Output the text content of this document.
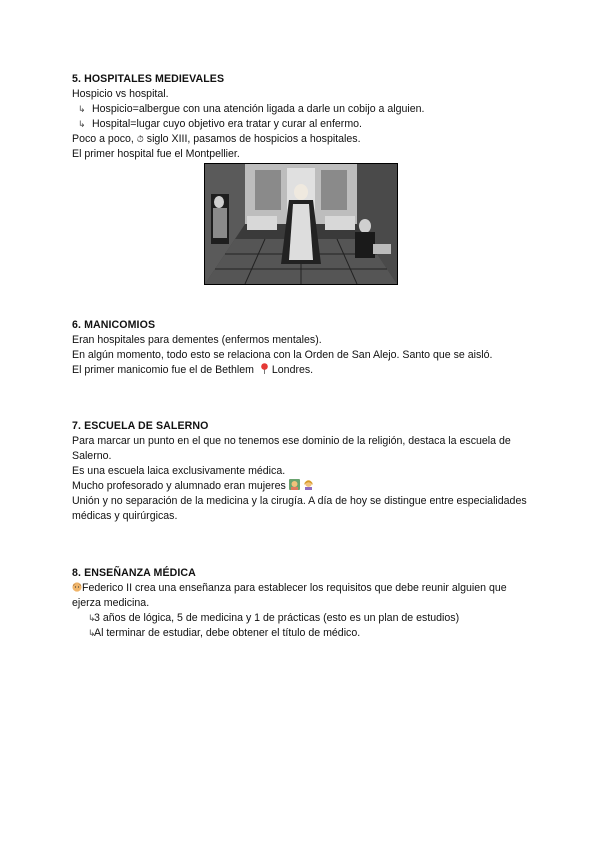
5. HOSPITALES MEDIEVALES

Hospicio vs hospital.

↳ Hospicio=albergue con una atención ligada a darle un cobijo a alguien.

↳ Hospital=lugar cuyo objetivo era tratar y curar al enfermo.

Poco a poco, ⏱ siglo XIII, pasamos de hospicios a hospitales.

El primer hospital fue el Montpellier.

6. MANICOMIOS

Eran hospitales para dementes (enfermos mentales).

En algún momento, todo esto se relaciona con la Orden de San Alejo. Santo que se aisló.

El primer manicomio fue el de Bethlem Londres.

7. ESCUELA DE SALERNO

Para marcar un punto en el que no tenemos ese dominio de la religión, destaca la escuela de Salerno.

Es una escuela laica exclusivamente médica.

Mucho profesorado y alumnado eran mujeres

Unión y no separación de la medicina y la cirugía. A día de hoy se distingue entre especialidades médicas y quirúrgicas.

8. ENSEÑANZA MÉDICA

Federico II crea una enseñanza para establecer los requisitos que debe reunir alguien que ejerza medicina.

↳3 años de lógica, 5 de medicina y 1 de prácticas (esto es un plan de estudios)

↳Al terminar de estudiar, debe obtener el título de médico.
